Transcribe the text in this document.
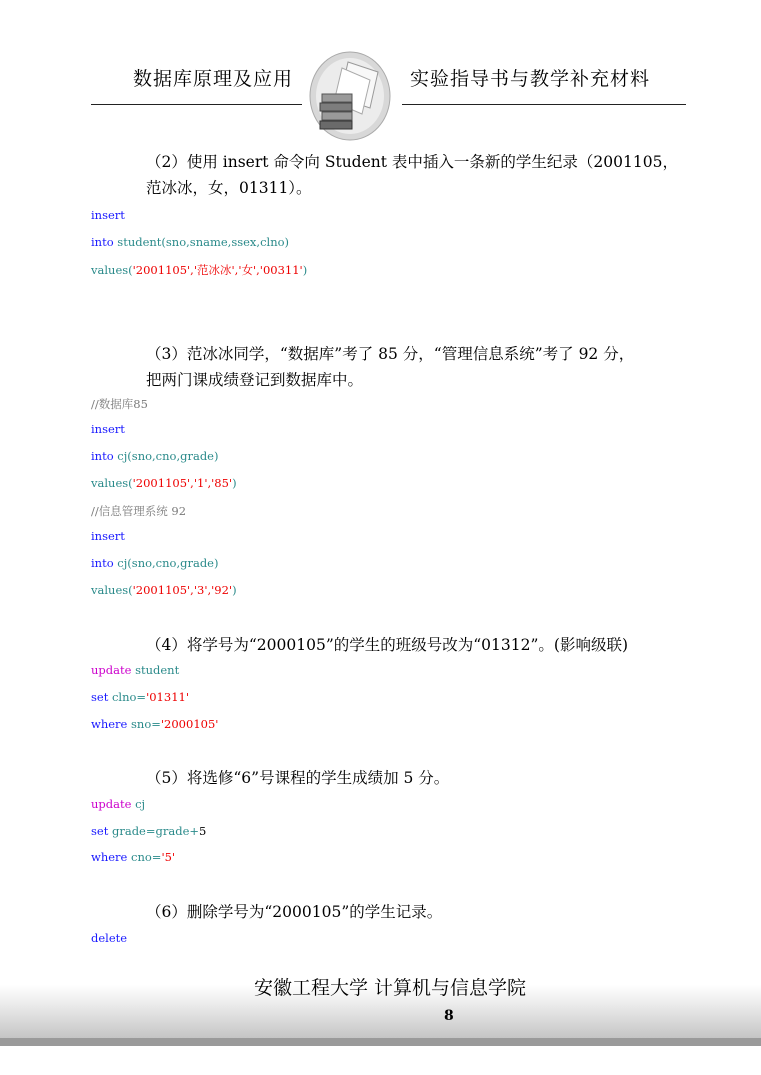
数据库原理及应用	实验指导书与教学补充材料
（2）使用 insert 命令向 Student 表中插入一条新的学生纪录（2001105，
范冰冰，女，01311）。
insert
into student(sno,sname,ssex,clno)
values('2001105','范冰冰','女','00311')
（3）范冰冰同学，“数据库”考了 85 分，“管理信息系统”考了 92 分，
把两门课成绩登记到数据库中。
//数据库85
insert
into cj(sno,cno,grade)
values('2001105','1','85')
//信息管理系统 92
insert
into cj(sno,cno,grade)
values('2001105','3','92')
（4）将学号为“2000105”的学生的班级号改为“01312”。(影响级联)
update student
set clno='01311'
where sno='2000105'
（5）将选修“6”号课程的学生成绩加 5 分。
update cj
set grade=grade+5
where cno='5'
（6）删除学号为“2000105”的学生记录。
delete
安徽工程大学 计算机与信息学院
8
